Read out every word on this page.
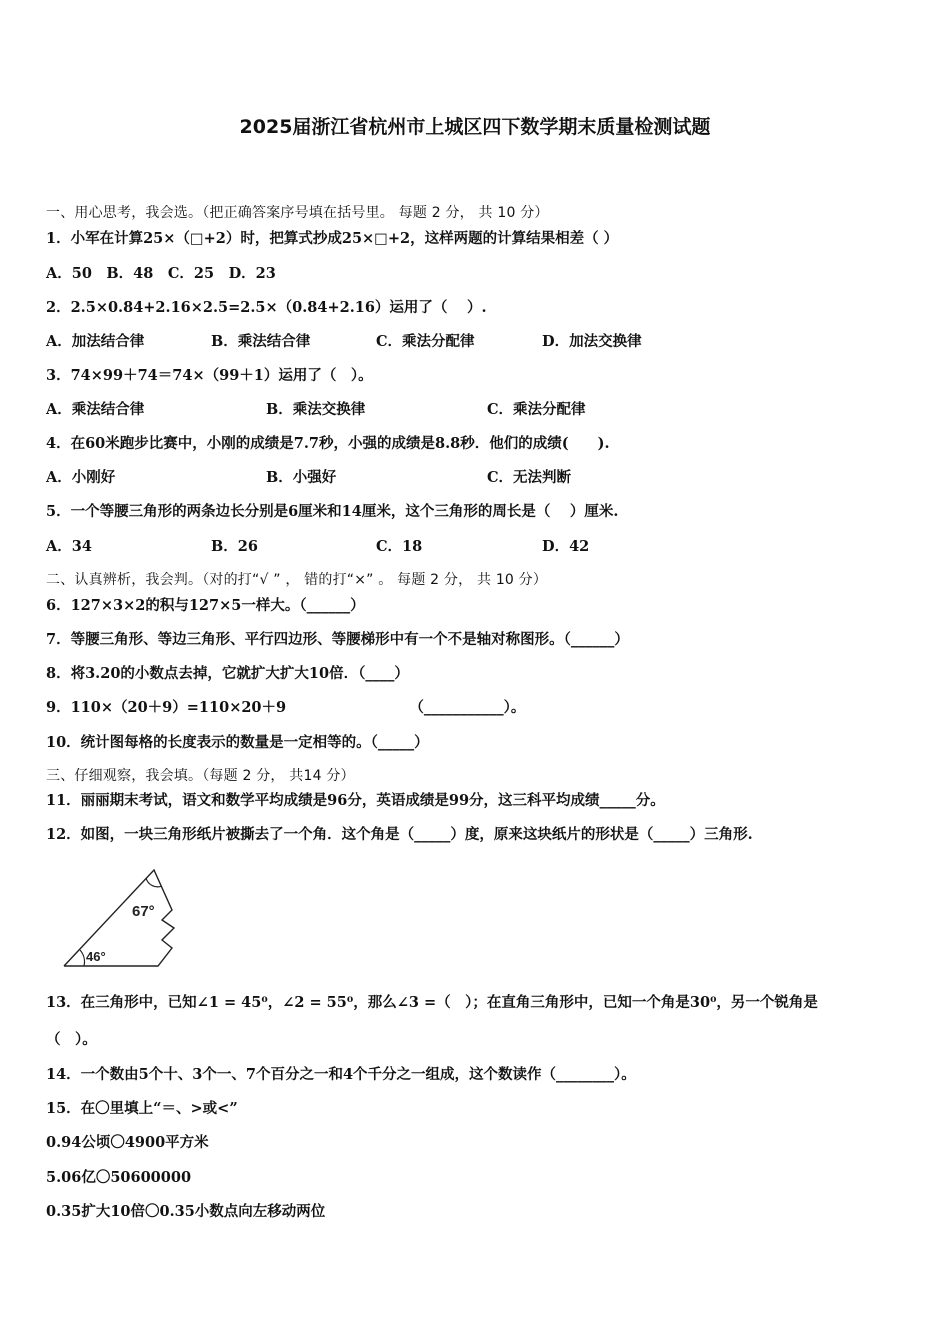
2025届浙江省杭州市上城区四下数学期末质量检测试题
一、用心思考，我会选。（把正确答案序号填在括号里。 每题 2 分， 共 10 分）
1．小军在计算25×（□+2）时，把算式抄成25×□+2，这样两题的计算结果相差（ ）
A．50　B．48　C．25　D．23
2．2.5×0.84+2.16×2.5=2.5×（0.84+2.16）运用了（　 ）.
A．加法结合律	B．乘法结合律	C．乘法分配律	D．加法交换律
3．74×99＋74＝74×（99＋1）运用了（　）。
A．乘法结合律	B．乘法交换律	C．乘法分配律
4．在60米跑步比赛中，小刚的成绩是7.7秒，小强的成绩是8.8秒．他们的成绩(　　).
A．小刚好	B．小强好	C．无法判断
5．一个等腰三角形的两条边长分别是6厘米和14厘米，这个三角形的周长是（　 ）厘米.
A．34	B．26	C．18	D．42
二、认真辨析，我会判。（对的打“√ ” ， 错的打“×” 。 每题 2 分， 共 10 分）
6．127×3×2的积与127×5一样大。（______）
7．等腰三角形、等边三角形、平行四边形、等腰梯形中有一个不是轴对称图形。（______）
8．将3.20的小数点去掉，它就扩大扩大10倍．（____）
9．110×（20＋9）=110×20＋9　　　　　　　　　（___________）。
10．统计图每格的长度表示的数量是一定相等的。（_____）
三、仔细观察，我会填。（每题 2 分， 共14 分）
11．丽丽期末考试，语文和数学平均成绩是96分，英语成绩是99分，这三科平均成绩_____分。
12．如图，一块三角形纸片被撕去了一个角．这个角是（_____）度，原来这块纸片的形状是（_____）三角形.
67°
46°
13．在三角形中，已知∠1 = 45⁰，∠2 = 55⁰，那么∠3 =（　）；在直角三角形中，已知一个角是30⁰，另一个锐角是
（　）。
14．一个数由5个十、3个一、7个百分之一和4个千分之一组成，这个数读作（________）。
15．在〇里填上“＝、>或<”
0.94公顷〇4900平方米
5.06亿〇50600000
0.35扩大10倍〇0.35小数点向左移动两位
